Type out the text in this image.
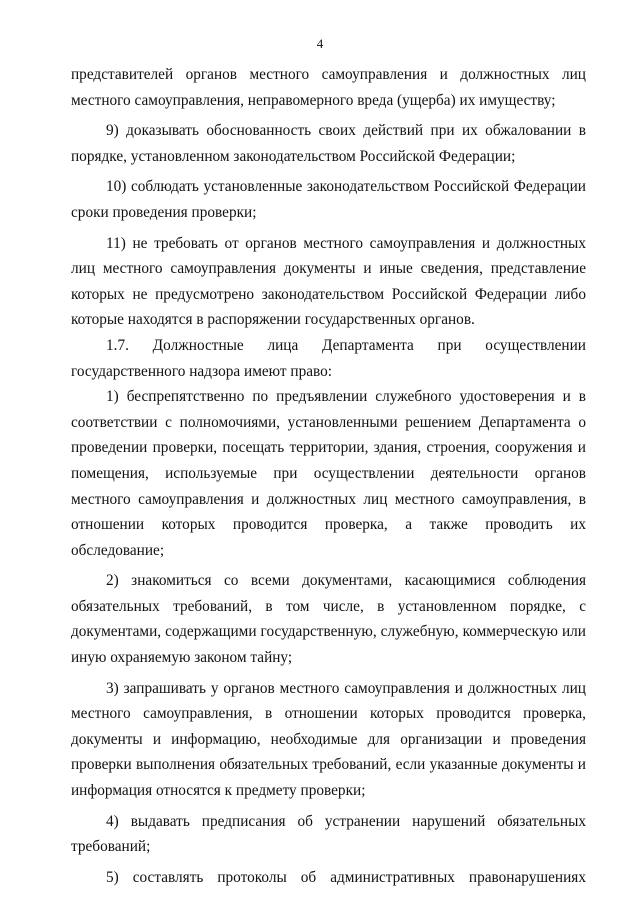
4

представителей органов местного самоуправления и должностных лиц местного самоуправления, неправомерного вреда (ущерба) их имуществу;

9) доказывать обоснованность своих действий при их обжаловании в порядке, установленном законодательством Российской Федерации;

10) соблюдать установленные законодательством Российской Федерации сроки проведения проверки;

11) не требовать от органов местного самоуправления и должностных лиц местного самоуправления документы и иные сведения, представление которых не предусмотрено законодательством Российской Федерации либо которые находятся в распоряжении государственных органов.

1.7. Должностные лица Департамента при осуществлении государственного надзора имеют право:

1) беспрепятственно по предъявлении служебного удостоверения и в соответствии с полномочиями, установленными решением Департамента о проведении проверки, посещать территории, здания, строения, сооружения и помещения, используемые при осуществлении деятельности органов местного самоуправления и должностных лиц местного самоуправления, в отношении которых проводится проверка, а также проводить их обследование;

2) знакомиться со всеми документами, касающимися соблюдения обязательных требований, в том числе, в установленном порядке, с документами, содержащими государственную, служебную, коммерческую или иную охраняемую законом тайну;

3) запрашивать у органов местного самоуправления и должностных лиц местного самоуправления, в отношении которых проводится проверка, документы и информацию, необходимые для организации и проведения проверки выполнения обязательных требований, если указанные документы и информация относятся к предмету проверки;

4) выдавать предписания об устранении нарушений обязательных требований;

5) составлять протоколы об административных правонарушениях
